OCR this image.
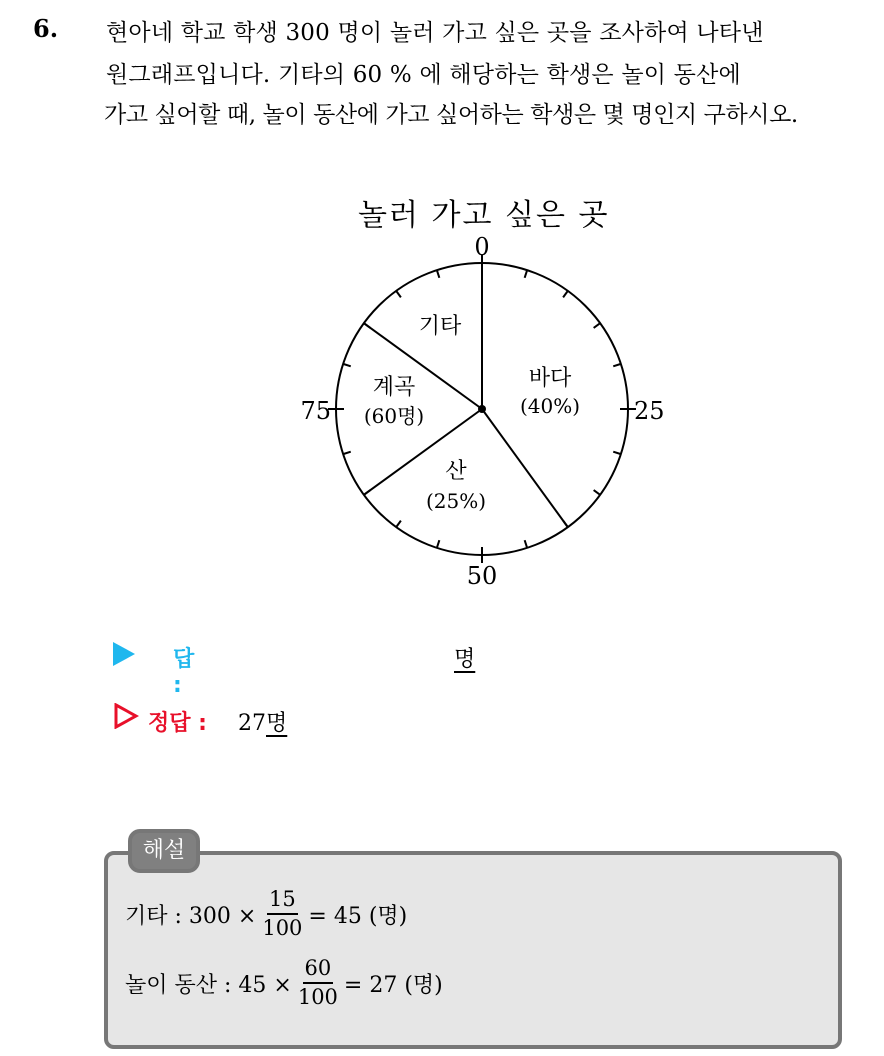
6. 현아네 학교 학생 300 명이 놀러 가고 싶은 곳을 조사하여 나타낸
원그래프입니다. 기타의 60 % 에 해당하는 학생은 놀이 동산에
가고 싶어할 때, 놀이 동산에 가고 싶어하는 학생은 몇 명인지 구하시오.
놀러 가고 싶은 곳
0
25
50
75
바다
(40%)
산
(25%)
계곡
(60명)
기타
답 :
명
정답 : 27명
해설
기타 : $300 \times \frac{15}{100} = 45$ (명)
놀이 동산 : $45 \times \frac{60}{100} = 27$ (명)
